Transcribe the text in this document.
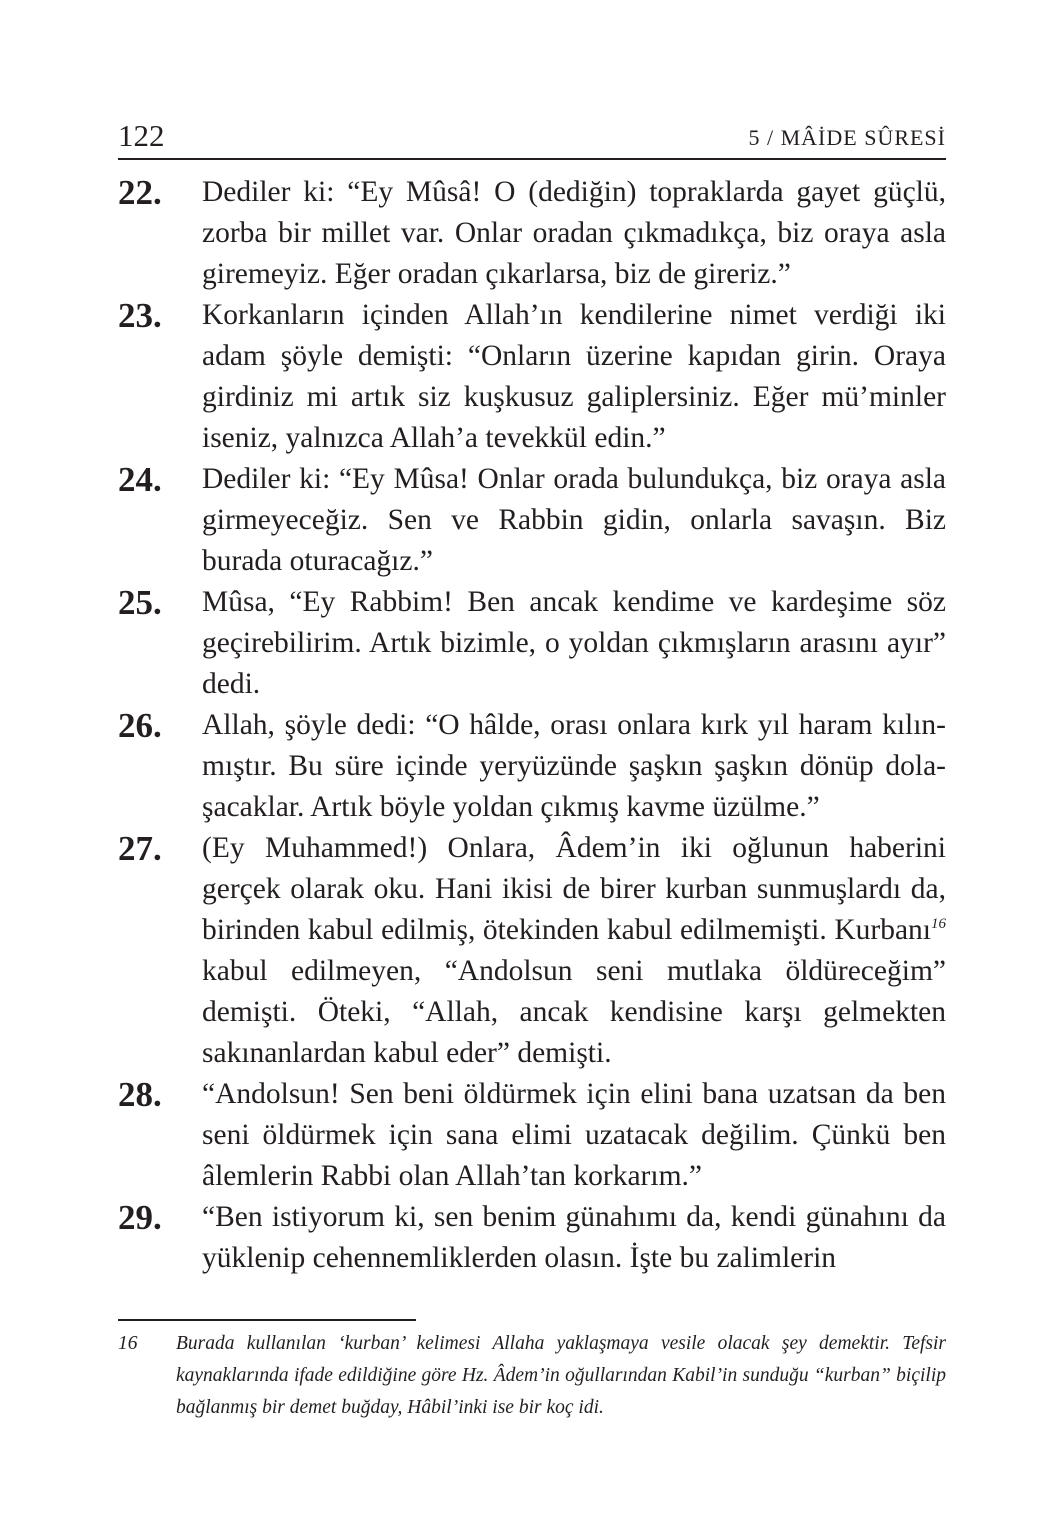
122	5 / MÂİDE SÛRESİ
22.	Dediler ki: “Ey Mûsâ! O (dediğin) topraklarda gayet güçlü, zorba bir millet var. Onlar oradan çıkmadıkça, biz oraya asla giremeyiz. Eğer oradan çıkarlarsa, biz de gireriz.”
23.	Korkanların içinden Allah’ın kendilerine nimet verdiği iki adam şöyle demişti: “Onların üzerine kapıdan girin. Oraya girdiniz mi artık siz kuşkusuz galiplersiniz. Eğer mü’minler iseniz, yalnızca Allah’a tevekkül edin.”
24.	Dediler ki: “Ey Mûsa! Onlar orada bulundukça, biz oraya asla girmeyeceğiz. Sen ve Rabbin gidin, onlarla savaşın. Biz burada oturacağız.”
25.	Mûsa, “Ey Rabbim! Ben ancak kendime ve kardeşime söz geçirebilirim. Artık bizimle, o yoldan çıkmışların arasını ayır” dedi.
26.	Allah, şöyle dedi: “O hâlde, orası onlara kırk yıl haram kılınmıştır. Bu süre içinde yeryüzünde şaşkın şaşkın dönüp dolaşacaklar. Artık böyle yoldan çıkmış kavme üzülme.”
27.	(Ey Muhammed!) Onlara, Âdem’in iki oğlunun haberini gerçek olarak oku. Hani ikisi de birer kurban sunmuşlardı da, birinden kabul edilmiş, ötekinden kabul edilmemişti. Kurbanı$^{16}$ kabul edilmeyen, “Andolsun seni mutlaka öldüreceğim” demişti. Öteki, “Allah, ancak kendisine karşı gelmekten sakınanlardan kabul eder” demişti.
28.	“Andolsun! Sen beni öldürmek için elini bana uzatsan da ben seni öldürmek için sana elimi uzatacak değilim. Çünkü ben âlemlerin Rabbi olan Allah’tan korkarım.”
29.	“Ben istiyorum ki, sen benim günahımı da, kendi günahını da yüklenip cehennemliklerden olasın. İşte bu zalimlerin
16	Burada kullanılan ‘kurban’ kelimesi Allaha yaklaşmaya vesile olacak şey demektir. Tefsir kaynaklarında ifade edildiğine göre Hz. Âdem’in oğullarından Kabil’in sunduğu “kurban” biçilip bağlanmış bir demet buğday, Hâbil’inki ise bir koç idi.
